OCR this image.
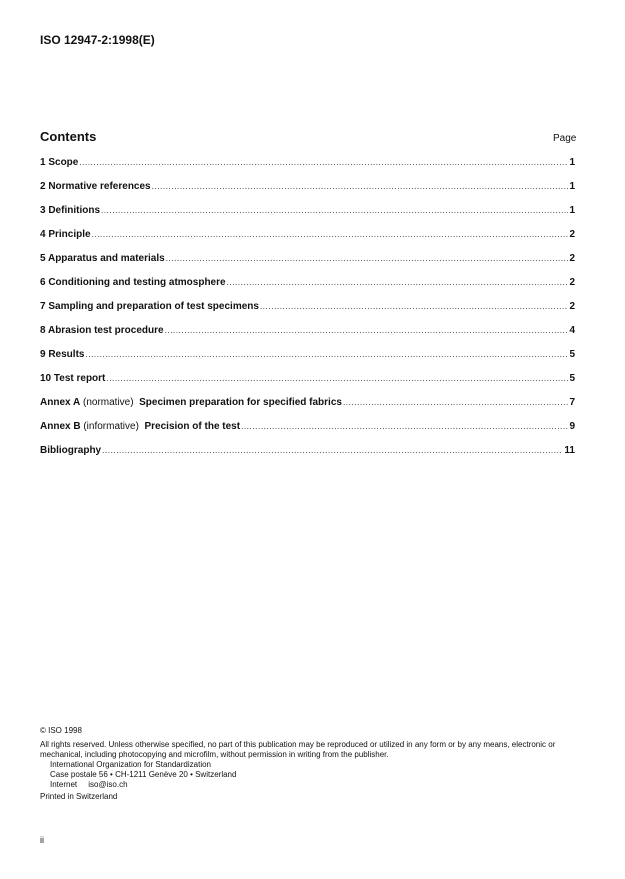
ISO 12947-2:1998(E)
Contents	Page
1 Scope .....	1
2 Normative references .....	1
3 Definitions .....	1
4 Principle .....	2
5 Apparatus and materials .....	2
6 Conditioning and testing atmosphere .....	2
7 Sampling and preparation of test specimens .....	2
8 Abrasion test procedure .....	4
9 Results .....	5
10 Test report .....	5
Annex A (normative) Specimen preparation for specified fabrics .....	7
Annex B (informative) Precision of the test .....	9
Bibliography .....	11
© ISO 1998
All rights reserved. Unless otherwise specified, no part of this publication may be reproduced or utilized in any form or by any means, electronic or mechanical, including photocopying and microfilm, without permission in writing from the publisher.
International Organization for Standardization
Case postale 56 • CH-1211 Genève 20 • Switzerland
Internet iso@iso.ch
Printed in Switzerland
ii
